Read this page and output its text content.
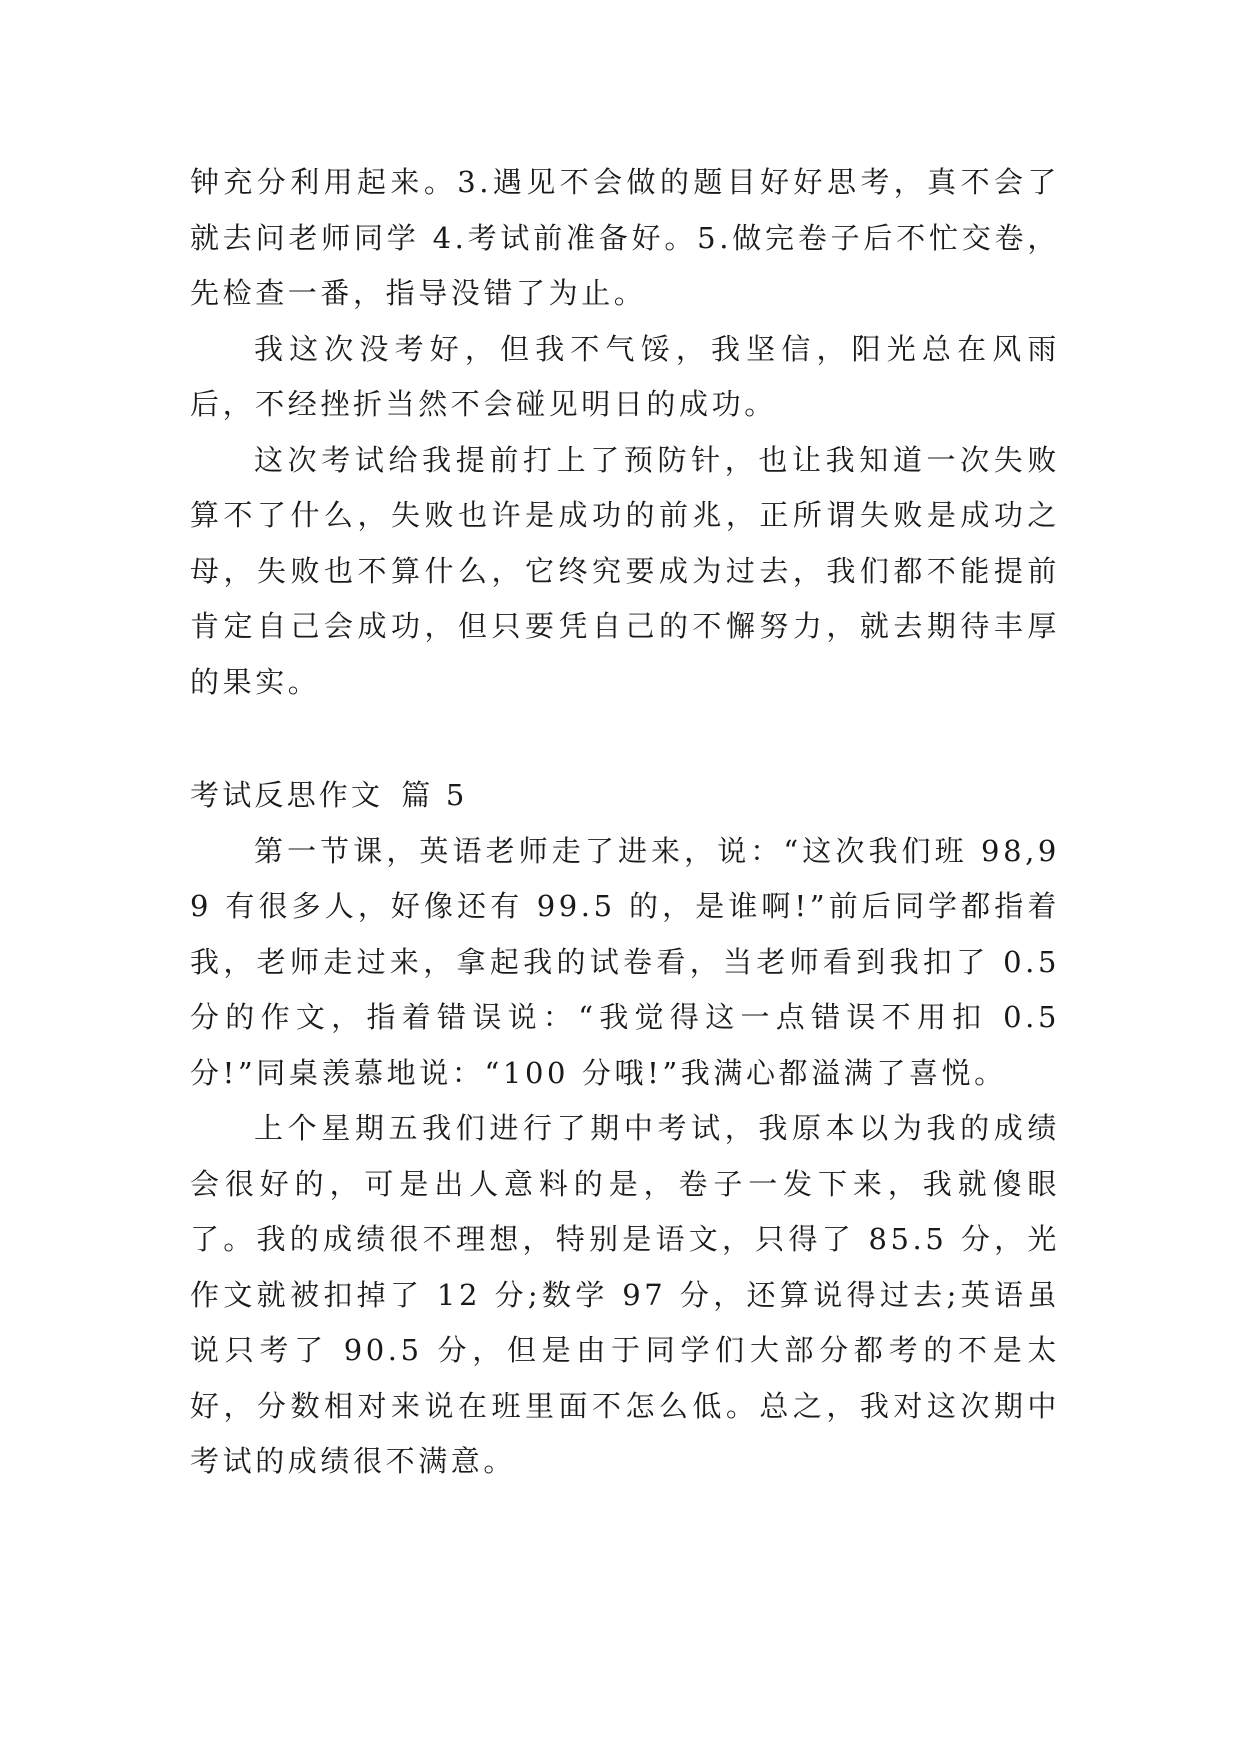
钟充分利用起来。3.遇见不会做的题目好好思考，真不会了就去问老师同学 4.考试前准备好。5.做完卷子后不忙交卷，先检查一番，指导没错了为止。

我这次没考好，但我不气馁，我坚信，阳光总在风雨后，不经挫折当然不会碰见明日的成功。

这次考试给我提前打上了预防针，也让我知道一次失败算不了什么，失败也许是成功的前兆，正所谓失败是成功之母，失败也不算什么，它终究要成为过去，我们都不能提前肯定自己会成功，但只要凭自己的不懈努力，就去期待丰厚的果实。

考试反思作文 篇 5

第一节课，英语老师走了进来，说：“这次我们班 98,99 有很多人，好像还有 99.5 的，是谁啊!”前后同学都指着我，老师走过来，拿起我的试卷看，当老师看到我扣了 0.5 分的作文，指着错误说：“我觉得这一点错误不用扣 0.5 分!”同桌羡慕地说：“100 分哦!”我满心都溢满了喜悦。

上个星期五我们进行了期中考试，我原本以为我的成绩会很好的，可是出人意料的是，卷子一发下来，我就傻眼了。我的成绩很不理想，特别是语文，只得了 85.5 分，光作文就被扣掉了 12 分;数学 97 分，还算说得过去;英语虽说只考了 90.5 分，但是由于同学们大部分都考的不是太好，分数相对来说在班里面不怎么低。总之，我对这次期中考试的成绩很不满意。
